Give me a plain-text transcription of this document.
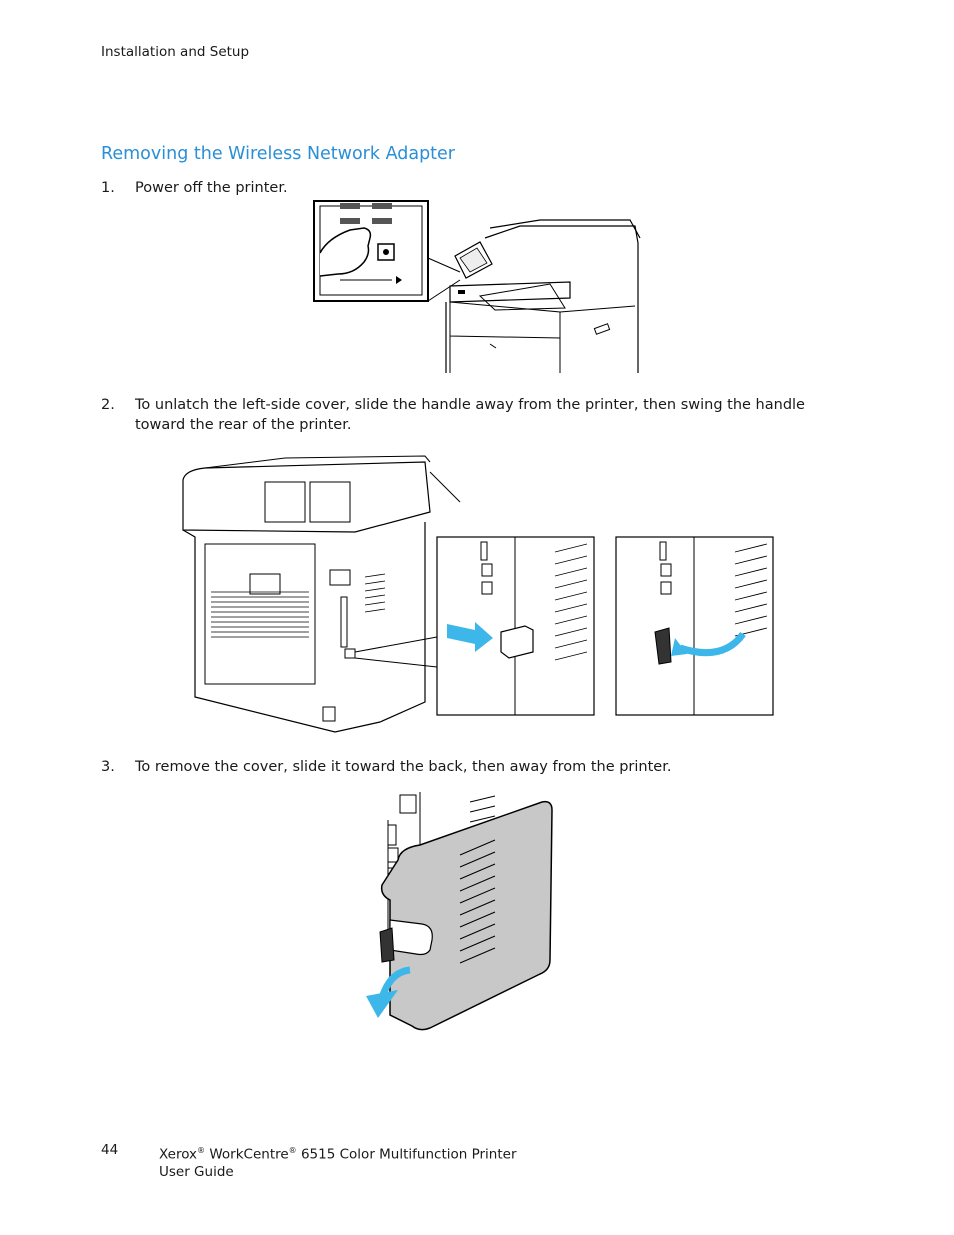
Installation and Setup
Removing the Wireless Network Adapter
1.	Power off the printer.
2.	To unlatch the left-side cover, slide the handle away from the printer, then swing the handle toward the rear of the printer.
3.	To remove the cover, slide it toward the back, then away from the printer.
44	Xerox® WorkCentre® 6515 Color Multifunction Printer
User Guide
